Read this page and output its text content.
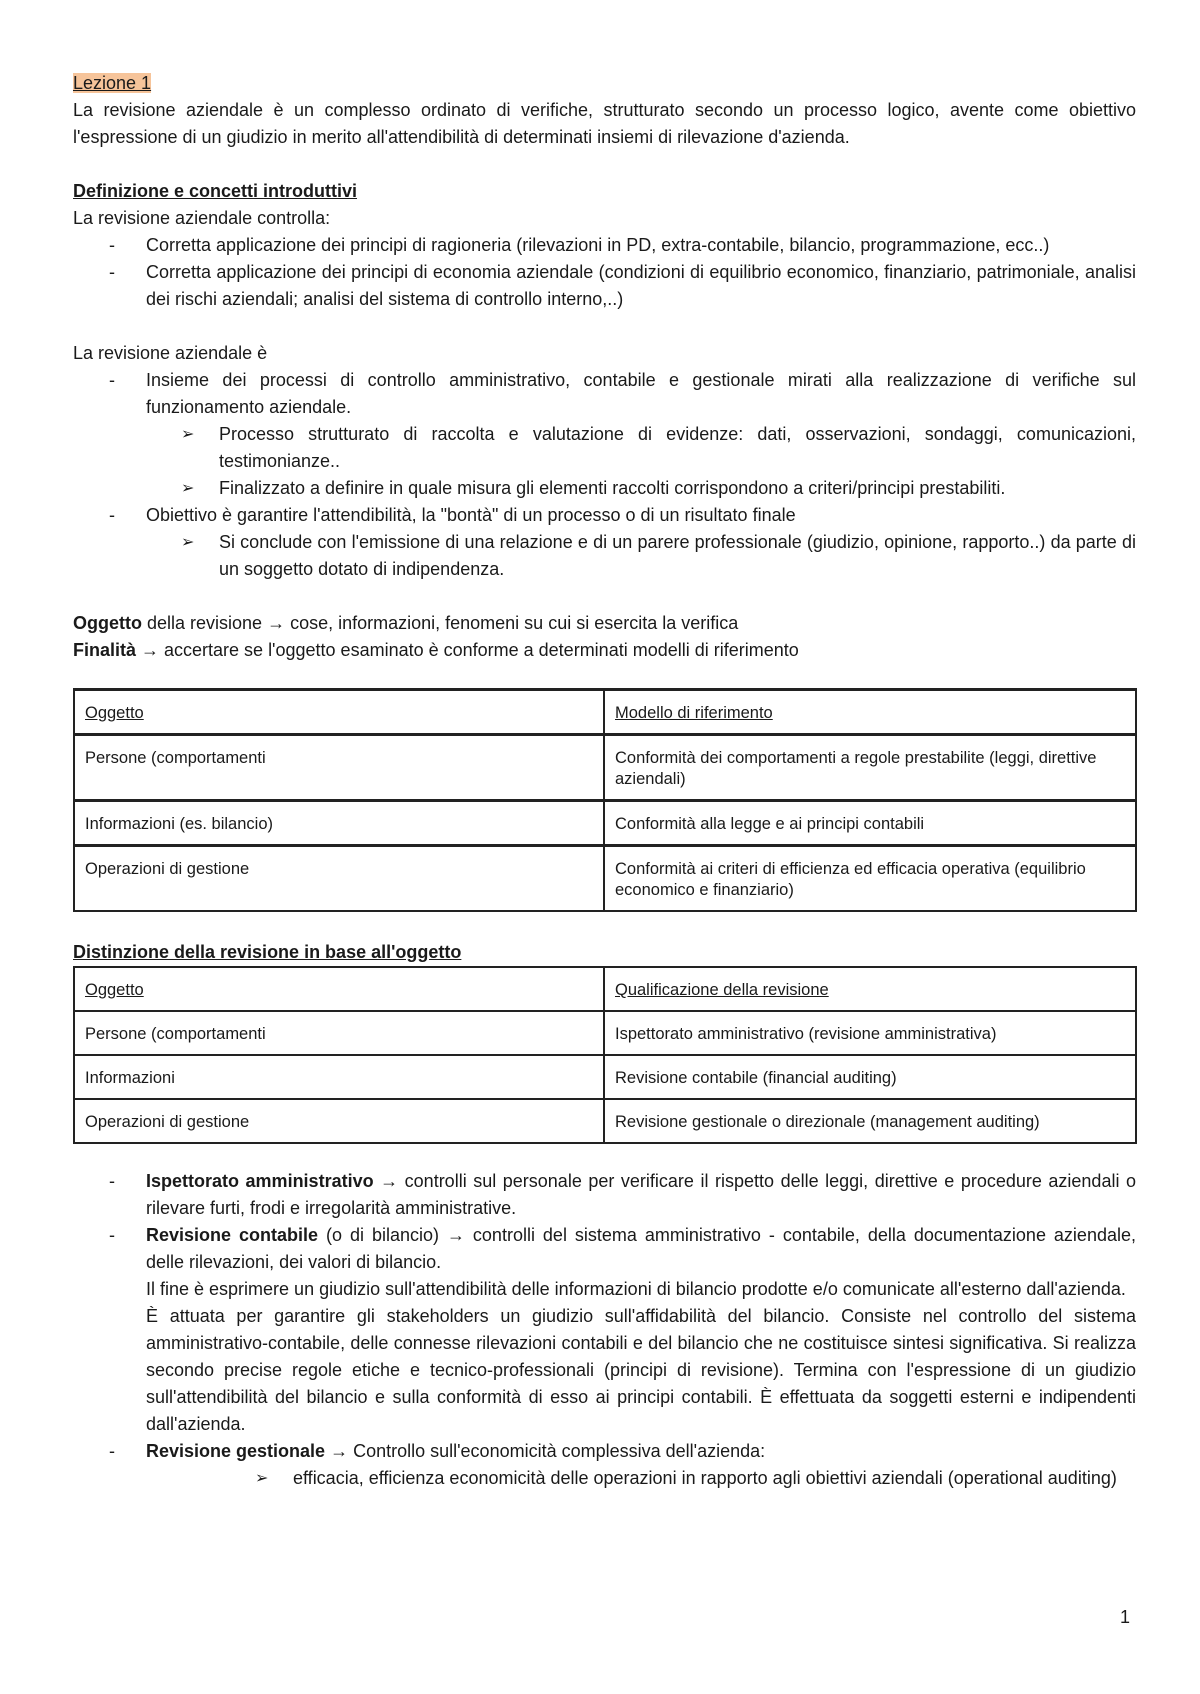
Lezione 1

La revisione aziendale è un complesso ordinato di verifiche, strutturato secondo un processo logico, avente come obiettivo l'espressione di un giudizio in merito all'attendibilità di determinati insiemi di rilevazione d'azienda.

Definizione e concetti introduttivi

La revisione aziendale controlla:

- Corretta applicazione dei principi di ragioneria (rilevazioni in PD, extra-contabile, bilancio, programmazione, ecc..)
- Corretta applicazione dei principi di economia aziendale (condizioni di equilibrio economico, finanziario, patrimoniale, analisi dei rischi aziendali; analisi del sistema di controllo interno,..)

La revisione aziendale è

- Insieme dei processi di controllo amministrativo, contabile e gestionale mirati alla realizzazione di verifiche sul funzionamento aziendale.
➢ Processo strutturato di raccolta e valutazione di evidenze: dati, osservazioni, sondaggi, comunicazioni, testimonianze..
➢ Finalizzato a definire in quale misura gli elementi raccolti corrispondono a criteri/principi prestabiliti.
- Obiettivo è garantire l'attendibilità, la "bontà" di un processo o di un risultato finale
➢ Si conclude con l'emissione di una relazione e di un parere professionale (giudizio, opinione, rapporto..) da parte di un soggetto dotato di indipendenza.

Oggetto della revisione → cose, informazioni, fenomeni su cui si esercita la verifica

Finalità → accertare se l'oggetto esaminato è conforme a determinati modelli di riferimento

Oggetto	Modello di riferimento
Persone (comportamenti	Conformità dei comportamenti a regole prestabilite (leggi, direttive aziendali)
Informazioni (es. bilancio)	Conformità alla legge e ai principi contabili
Operazioni di gestione	Conformità ai criteri di efficienza ed efficacia operativa (equilibrio economico e finanziario)

Distinzione della revisione in base all'oggetto

Oggetto	Qualificazione della revisione
Persone (comportamenti	Ispettorato amministrativo (revisione amministrativa)
Informazioni	Revisione contabile (financial auditing)
Operazioni di gestione	Revisione gestionale o direzionale (management auditing)
- Ispettorato amministrativo → controlli sul personale per verificare il rispetto delle leggi, direttive e procedure aziendali o rilevare furti, frodi e irregolarità amministrative.
- Revisione contabile (o di bilancio) → controlli del sistema amministrativo - contabile, della documentazione aziendale, delle rilevazioni, dei valori di bilancio.

Il fine è esprimere un giudizio sull'attendibilità delle informazioni di bilancio prodotte e/o comunicate all'esterno dall'azienda.

È attuata per garantire gli stakeholders un giudizio sull'affidabilità del bilancio. Consiste nel controllo del sistema amministrativo-contabile, delle connesse rilevazioni contabili e del bilancio che ne costituisce sintesi significativa. Si realizza secondo precise regole etiche e tecnico-professionali (principi di revisione). Termina con l'espressione di un giudizio sull'attendibilità del bilancio e sulla conformità di esso ai principi contabili. È effettuata da soggetti esterni e indipendenti dall'azienda.

- Revisione gestionale → Controllo sull'economicità complessiva dell'azienda:
➢ efficacia, efficienza economicità delle operazioni in rapporto agli obiettivi aziendali (operational auditing)
1
